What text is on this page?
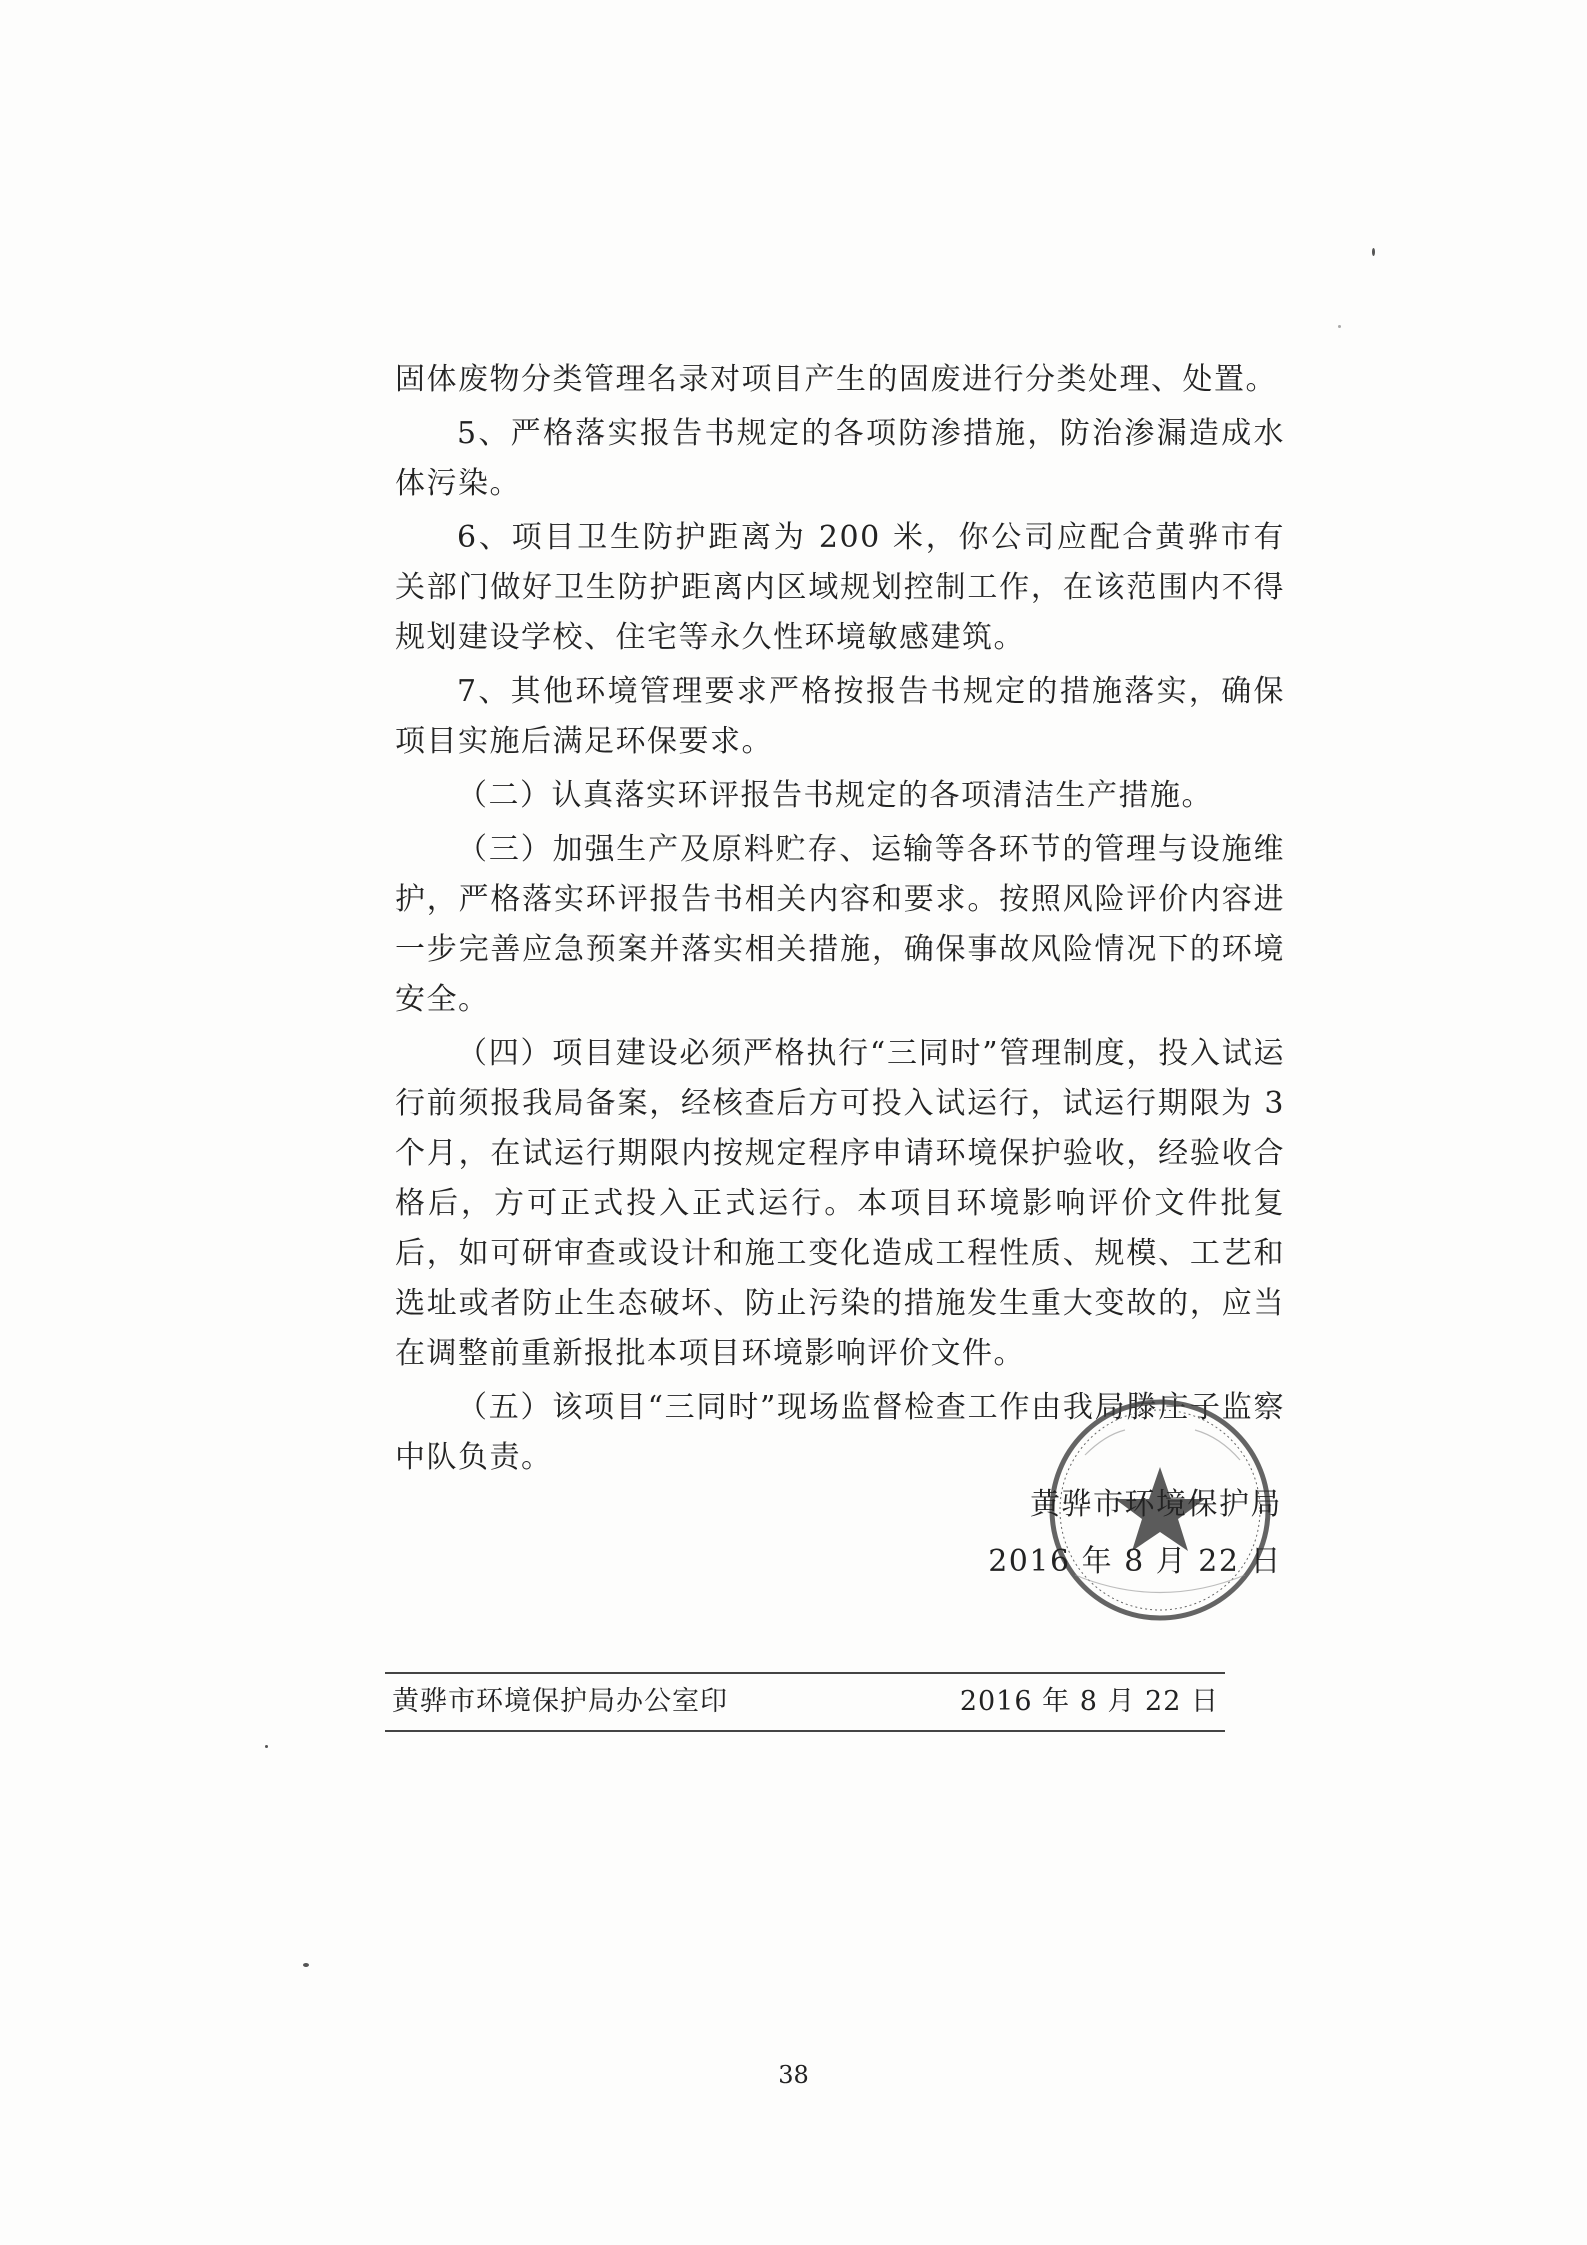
固体废物分类管理名录对项目产生的固废进行分类处理、处置。

5、严格落实报告书规定的各项防渗措施，防治渗漏造成水体污染。

6、项目卫生防护距离为 200 米，你公司应配合黄骅市有关部门做好卫生防护距离内区域规划控制工作，在该范围内不得规划建设学校、住宅等永久性环境敏感建筑。

7、其他环境管理要求严格按报告书规定的措施落实，确保项目实施后满足环保要求。

（二）认真落实环评报告书规定的各项清洁生产措施。

（三）加强生产及原料贮存、运输等各环节的管理与设施维护，严格落实环评报告书相关内容和要求。按照风险评价内容进一步完善应急预案并落实相关措施，确保事故风险情况下的环境安全。

（四）项目建设必须严格执行“三同时”管理制度，投入试运行前须报我局备案，经核查后方可投入试运行，试运行期限为 3 个月，在试运行期限内按规定程序申请环境保护验收，经验收合格后，方可正式投入正式运行。本项目环境影响评价文件批复后，如可研审查或设计和施工变化造成工程性质、规模、工艺和选址或者防止生态破坏、防止污染的措施发生重大变故的，应当在调整前重新报批本项目环境影响评价文件。

（五）该项目“三同时”现场监督检查工作由我局滕庄子监察中队负责。

黄骅市环境保护局
2016 年 8 月 22 日
黄骅市环境保护局办公室印	2016 年 8 月 22 日
38
